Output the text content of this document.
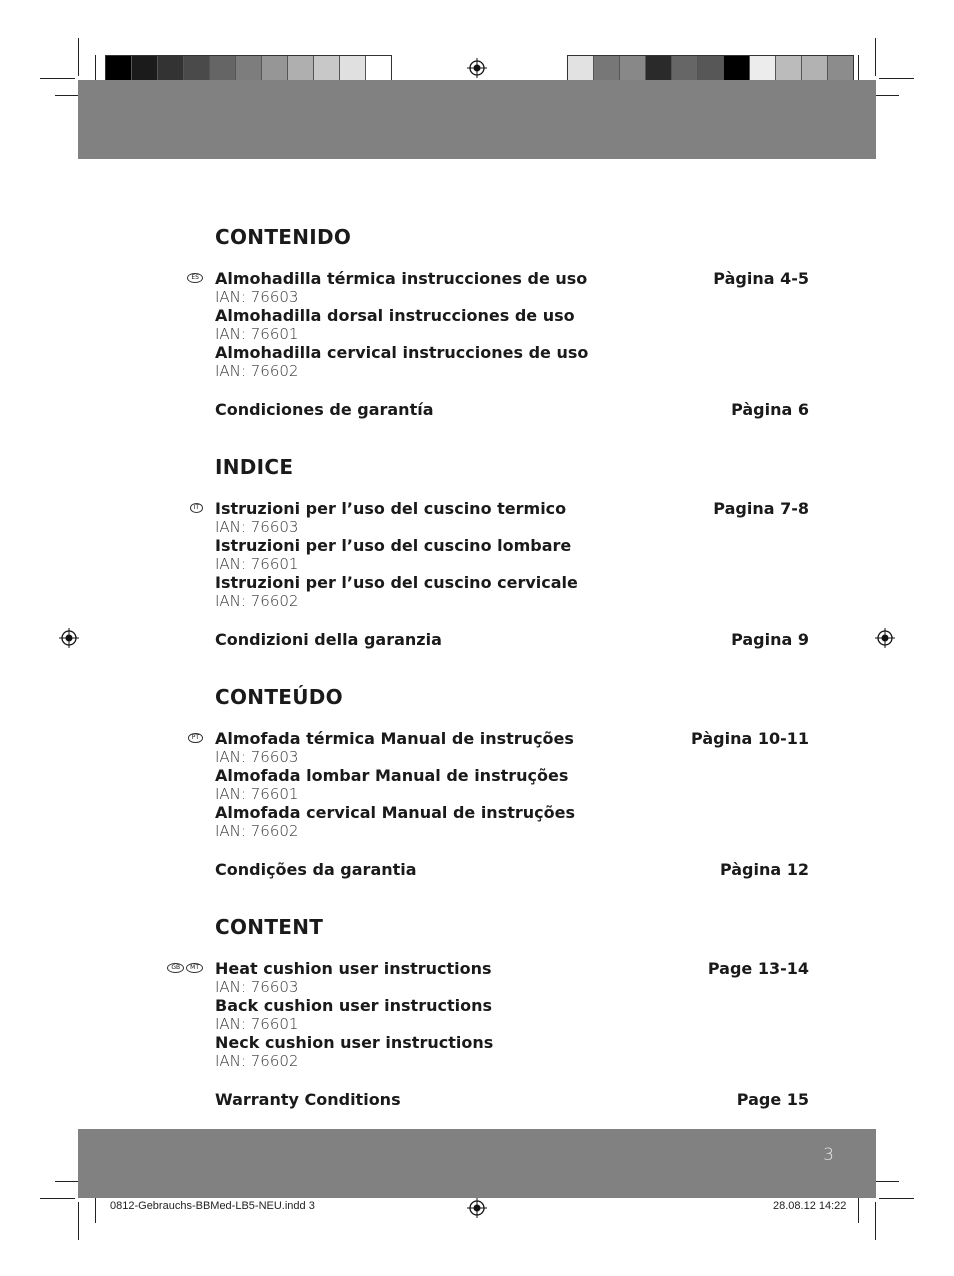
3
CONTENIDO
ES Almohadilla térmica instrucciones de uso	Pàgina 4-5
IAN: 76603
Almohadilla dorsal instrucciones de uso
IAN: 76601
Almohadilla cervical instrucciones de uso
IAN: 76602
Condiciones de garantía	Pàgina 6
INDICE
IT Istruzioni per l’uso del cuscino termico	Pagina 7-8
IAN: 76603
Istruzioni per l’uso del cuscino lombare
IAN: 76601
Istruzioni per l’uso del cuscino cervicale
IAN: 76602
Condizioni della garanzia	Pagina 9
CONTEÚDO
PT Almofada térmica Manual de instruções	Pàgina 10-11
IAN: 76603
Almofada lombar Manual de instruções
IAN: 76601
Almofada cervical Manual de instruções
IAN: 76602
Condições da garantia	Pàgina 12
CONTENT
GB	MT Heat cushion user instructions	Page 13-14
IAN: 76603
Back cushion user instructions
IAN: 76601
Neck cushion user instructions
IAN: 76602
Warranty Conditions	Page 15
0812-Gebrauchs-BBMed-LB5-NEU.indd 3	28.08.12 14:22
